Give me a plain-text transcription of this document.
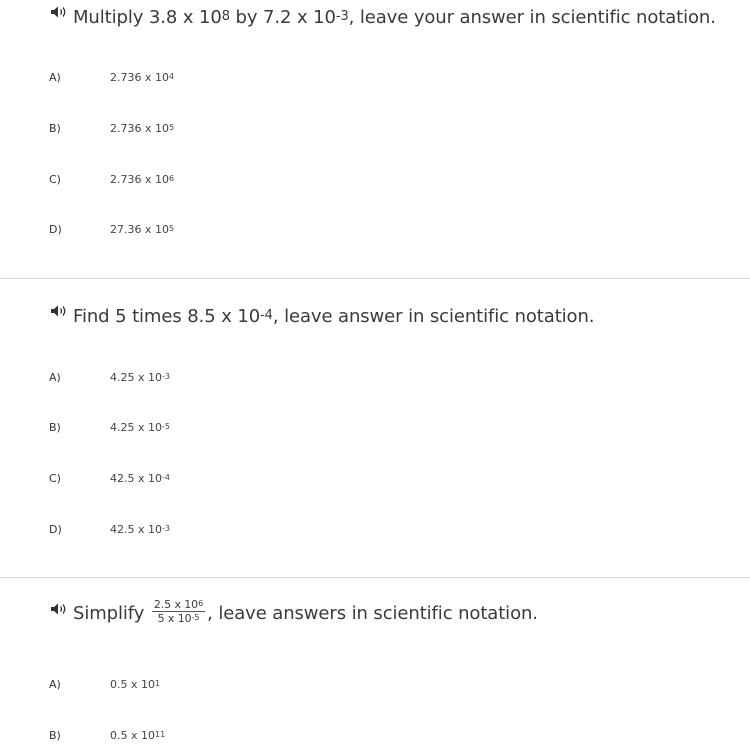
Multiply 3.8 x $10^8$ by 7.2 x $10^{-3}$, leave your answer in scientific notation.
A)	2.736 x $10^4$
B)	2.736 x $10^5$
C)	2.736 x $10^6$
D)	27.36 x $10^5$
Find 5 times 8.5 x $10^{-4}$, leave answer in scientific notation.
A)	4.25 x $10^{-3}$
B)	4.25 x $10^{-5}$
C)	42.5 x $10^{-4}$
D)	42.5 x $10^{-3}$
Simplify $\frac{2.5 x 10^6}{5 x 10^{-5}}$ , leave answers in scientific notation.
A)	0.5 x $10^1$
B)	0.5 x $10^{11}$
